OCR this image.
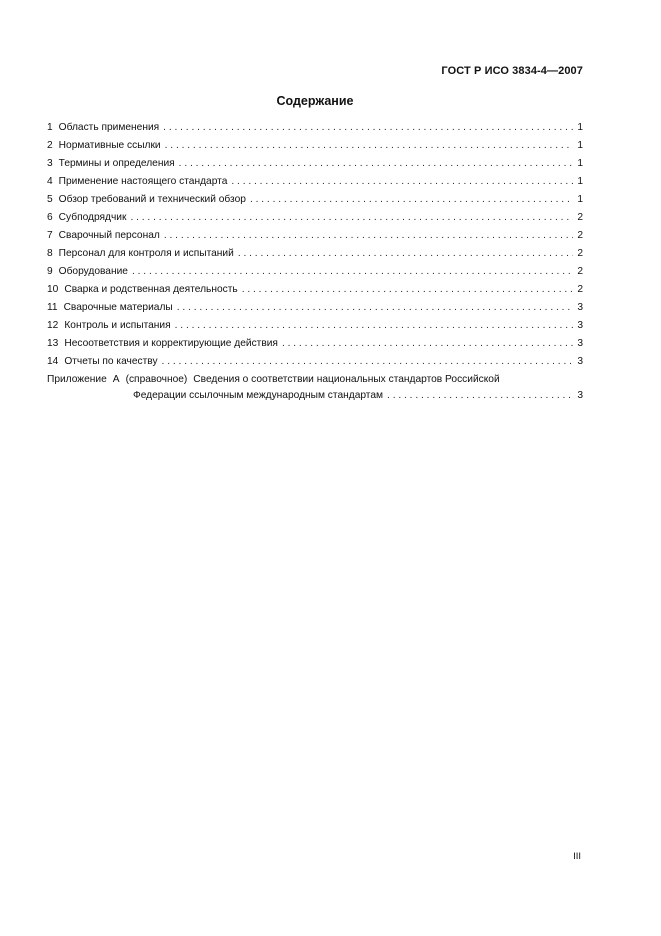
ГОСТ Р ИСО 3834-4—2007
Содержание
1 Область применения . . .	1
2 Нормативные ссылки . . .	1
3 Термины и определения . . .	1
4 Применение настоящего стандарта . . .	1
5 Обзор требований и технический обзор . . .	1
6 Субподрядчик . . .	2
7 Сварочный персонал . . .	2
8 Персонал для контроля и испытаний . . .	2
9 Оборудование . . .	2
10 Сварка и родственная деятельность . . .	2
11 Сварочные материалы . . .	3
12 Контроль и испытания . . .	3
13 Несоответствия и корректирующие действия . . .	3
14 Отчеты по качеству . . .	3
Приложение А (справочное) Сведения о соответствии национальных стандартов Российской
Федерации ссылочным международным стандартам . . .	3
III
